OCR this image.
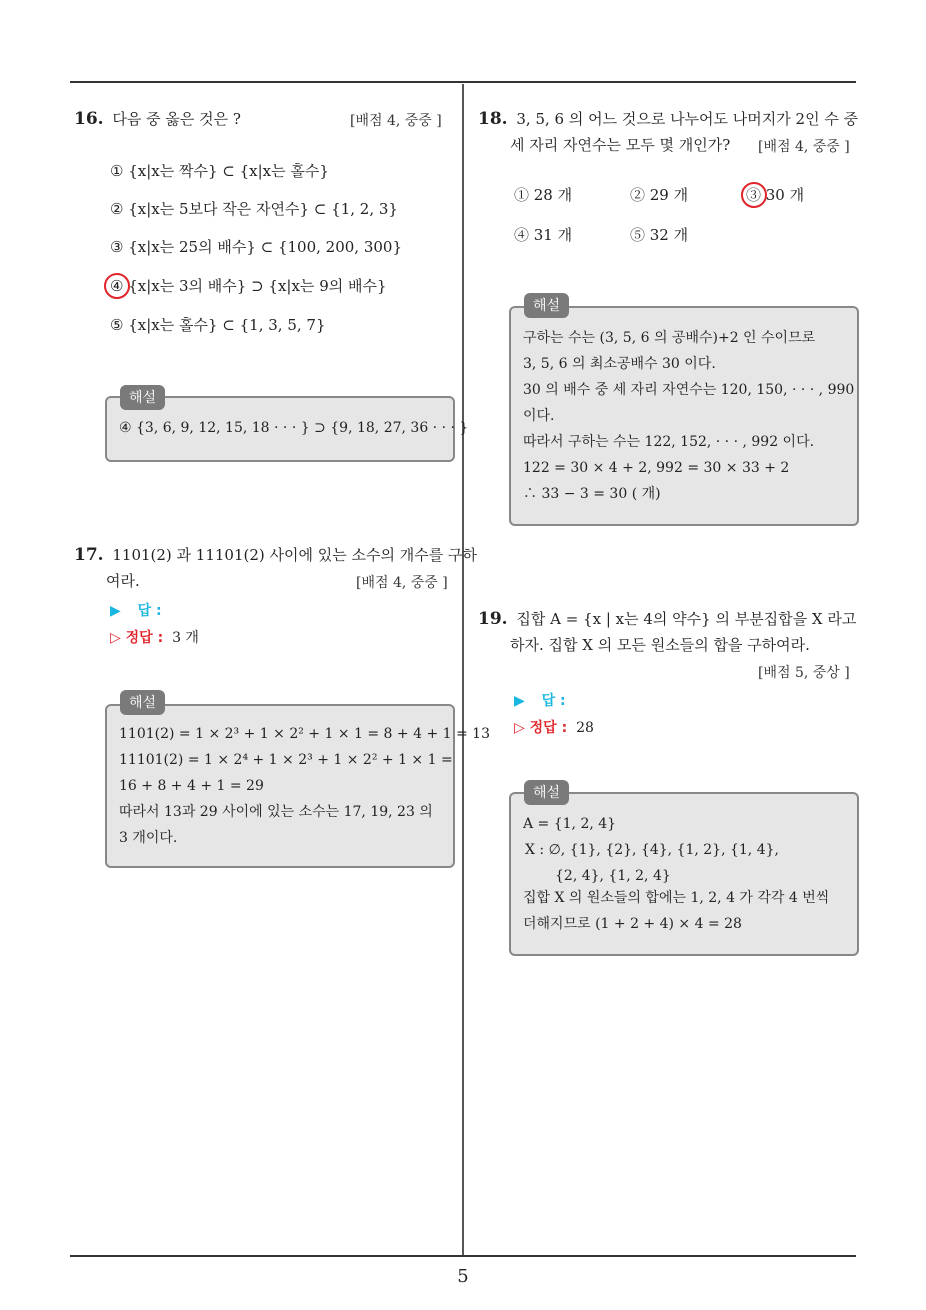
5
16. 다음 중 옳은 것은 ?	[배점 4, 중중 ]
① {x|x는 짝수} ⊂ {x|x는 홀수}
② {x|x는 5보다 작은 자연수} ⊂ {1, 2, 3}
③ {x|x는 25의 배수} ⊂ {100, 200, 300}
④ {x|x는 3의 배수} ⊃ {x|x는 9의 배수}
⑤ {x|x는 홀수} ⊂ {1, 3, 5, 7}
④ {3, 6, 9, 12, 15, 18 · · · } ⊃ {9, 18, 27, 36 · · · }
해설
17. 1101(2) 과 11101(2) 사이에 있는 소수의 개수를 구하
여라.	[배점 4, 중중 ]
▶ 답 :
▷ 정답 : 3 개
1101(2) = 1 × 2³ + 1 × 2² + 1 × 1 = 8 + 4 + 1 = 13
11101(2) = 1 × 2⁴ + 1 × 2³ + 1 × 2² + 1 × 1 =
16 + 8 + 4 + 1 = 29
따라서 13과 29 사이에 있는 소수는 17, 19, 23 의
3 개이다.
해설
18. 3, 5, 6 의 어느 것으로 나누어도 나머지가 2인 수 중
세 자리 자연수는 모두 몇 개인가? [배점 4, 중중 ]
① 28 개	② 29 개	③ 30 개
④ 31 개	⑤ 32 개
구하는 수는 (3, 5, 6 의 공배수)+2 인 수이므로
3, 5, 6 의 최소공배수 30 이다.
30 의 배수 중 세 자리 자연수는 120, 150, · · · , 990
이다.
따라서 구하는 수는 122, 152, · · · , 992 이다.
122 = 30 × 4 + 2, 992 = 30 × 33 + 2
∴ 33 − 3 = 30 ( 개)
해설
19. 집합 A = {x | x는 4의 약수} 의 부분집합을 X 라고
하자. 집합 X 의 모든 원소들의 합을 구하여라.
[배점 5, 중상 ]
▶ 답 :
▷ 정답 : 28
A = {1, 2, 4}
X : ∅, {1}, {2}, {4}, {1, 2}, {1, 4},
{2, 4}, {1, 2, 4}
집합 X 의 원소들의 합에는 1, 2, 4 가 각각 4 번씩
더해지므로 (1 + 2 + 4) × 4 = 28
해설
